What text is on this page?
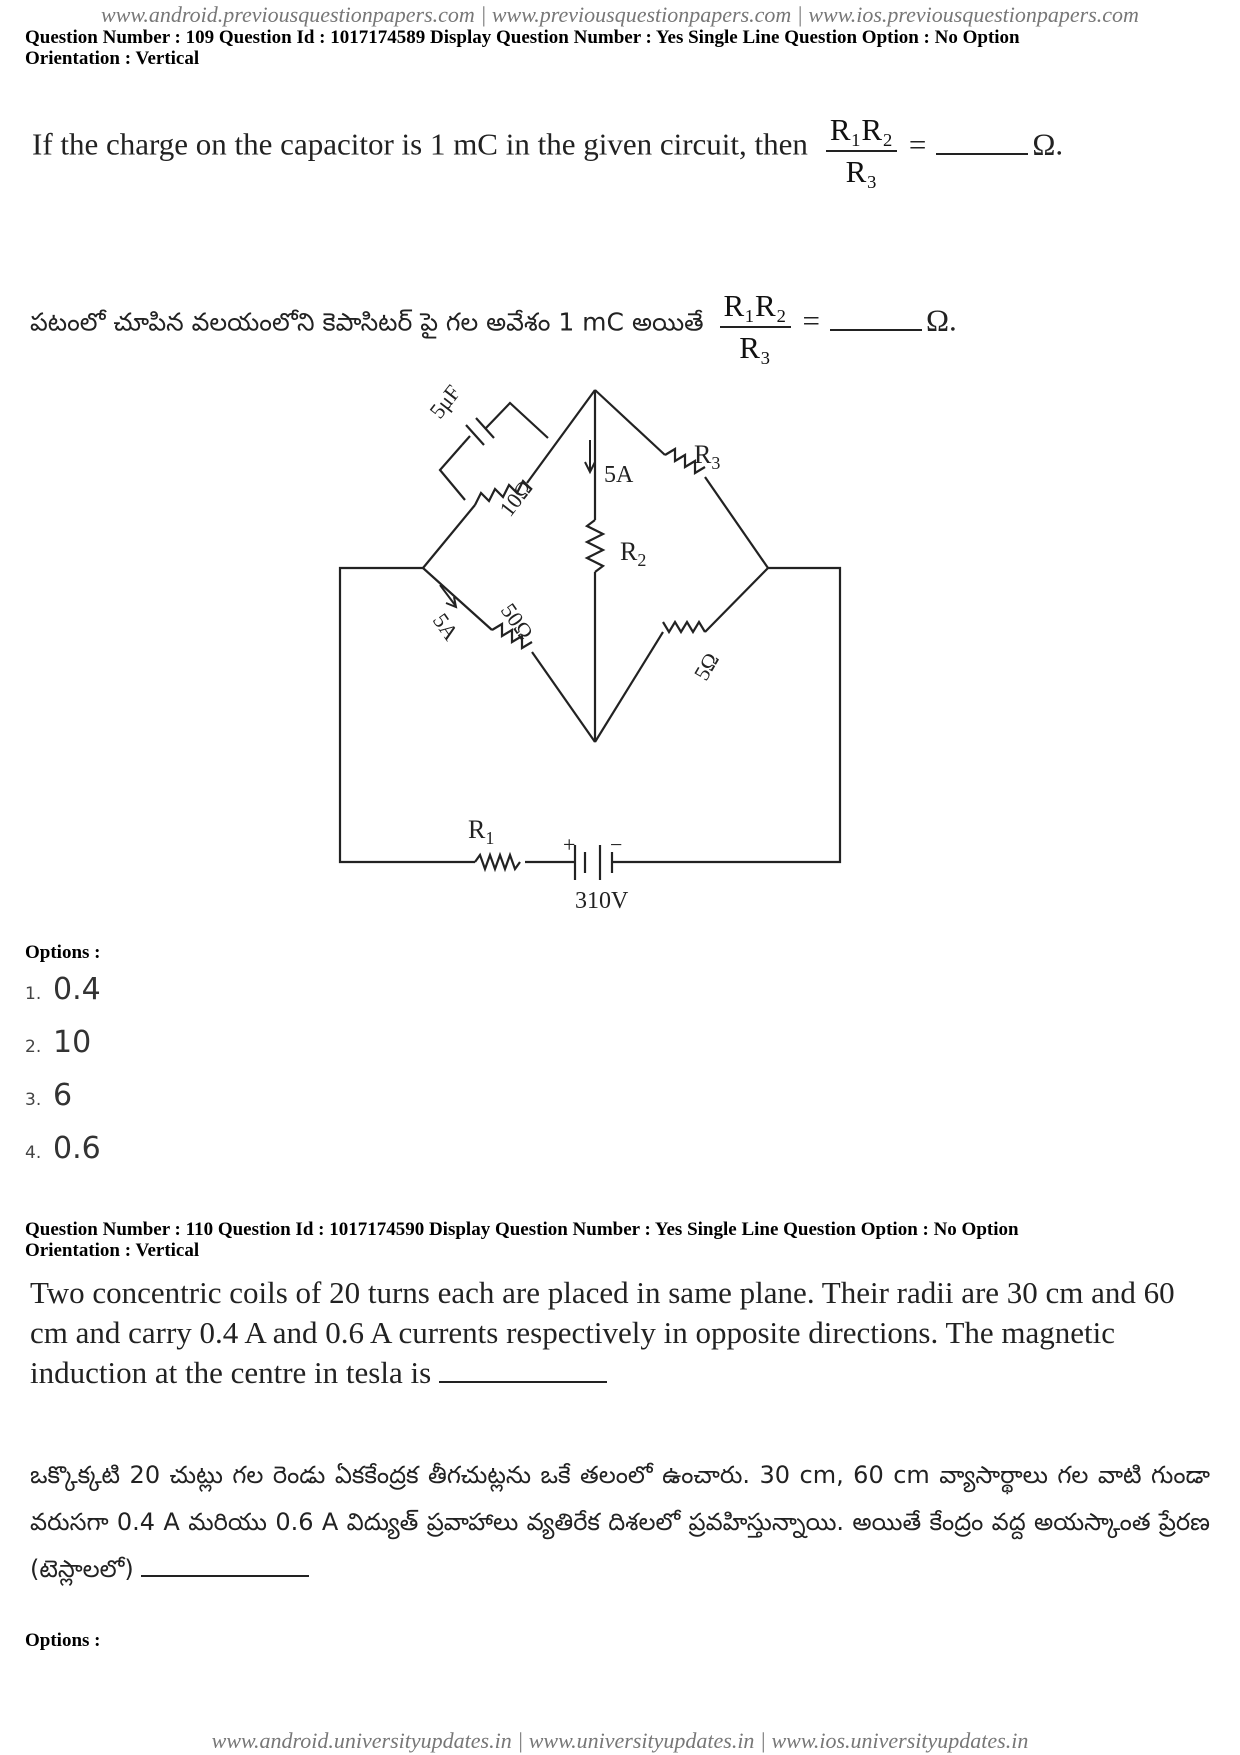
www.android.previousquestionpapers.com | www.previousquestionpapers.com | www.ios.previousquestionpapers.com
Question Number : 109 Question Id : 1017174589 Display Question Number : Yes Single Line Question Option : No Option
Orientation : Vertical
If the charge on the capacitor is 1 mC in the given circuit, then $\frac{\text{R₁R₂}}{\text{R₃}}$ =	Ω.
పటంలో చూపిన వలయంలోని కెపాసిటర్ పై గల అవేశం 1 mC అయితే $\frac{\text{R₁R₂}}{\text{R₃}}$ =	Ω.
5μF
10Ω
5A
$R_3$
$R_2$
5A 50Ω
5Ω
$R_1$	+ −
310V
Options :
1. 0.4
2. 10
3. 6
4. 0.6
Question Number : 110 Question Id : 1017174590 Display Question Number : Yes Single Line Question Option : No Option
Orientation : Vertical
Two concentric coils of 20 turns each are placed in same plane. Their radii are 30 cm and 60 cm and carry 0.4 A and 0.6 A currents respectively in opposite directions. The magnetic induction at the centre in tesla is
ఒక్కొక్కటి 20 చుట్లు గల రెండు ఏకకేంద్రక తీగచుట్లను ఒకే తలంలో ఉంచారు. 30 cm, 60 cm వ్యాసార్థాలు గల వాటి గుండా వరుసగా 0.4 A మరియు 0.6 A విద్యుత్ ప్రవాహాలు వ్యతిరేక దిశలలో ప్రవహిస్తున్నాయి. అయితే కేంద్రం వద్ద అయస్కాంత ప్రేరణ (టెస్లాలలో)
Options :
www.android.universityupdates.in | www.universityupdates.in | www.ios.universityupdates.in
